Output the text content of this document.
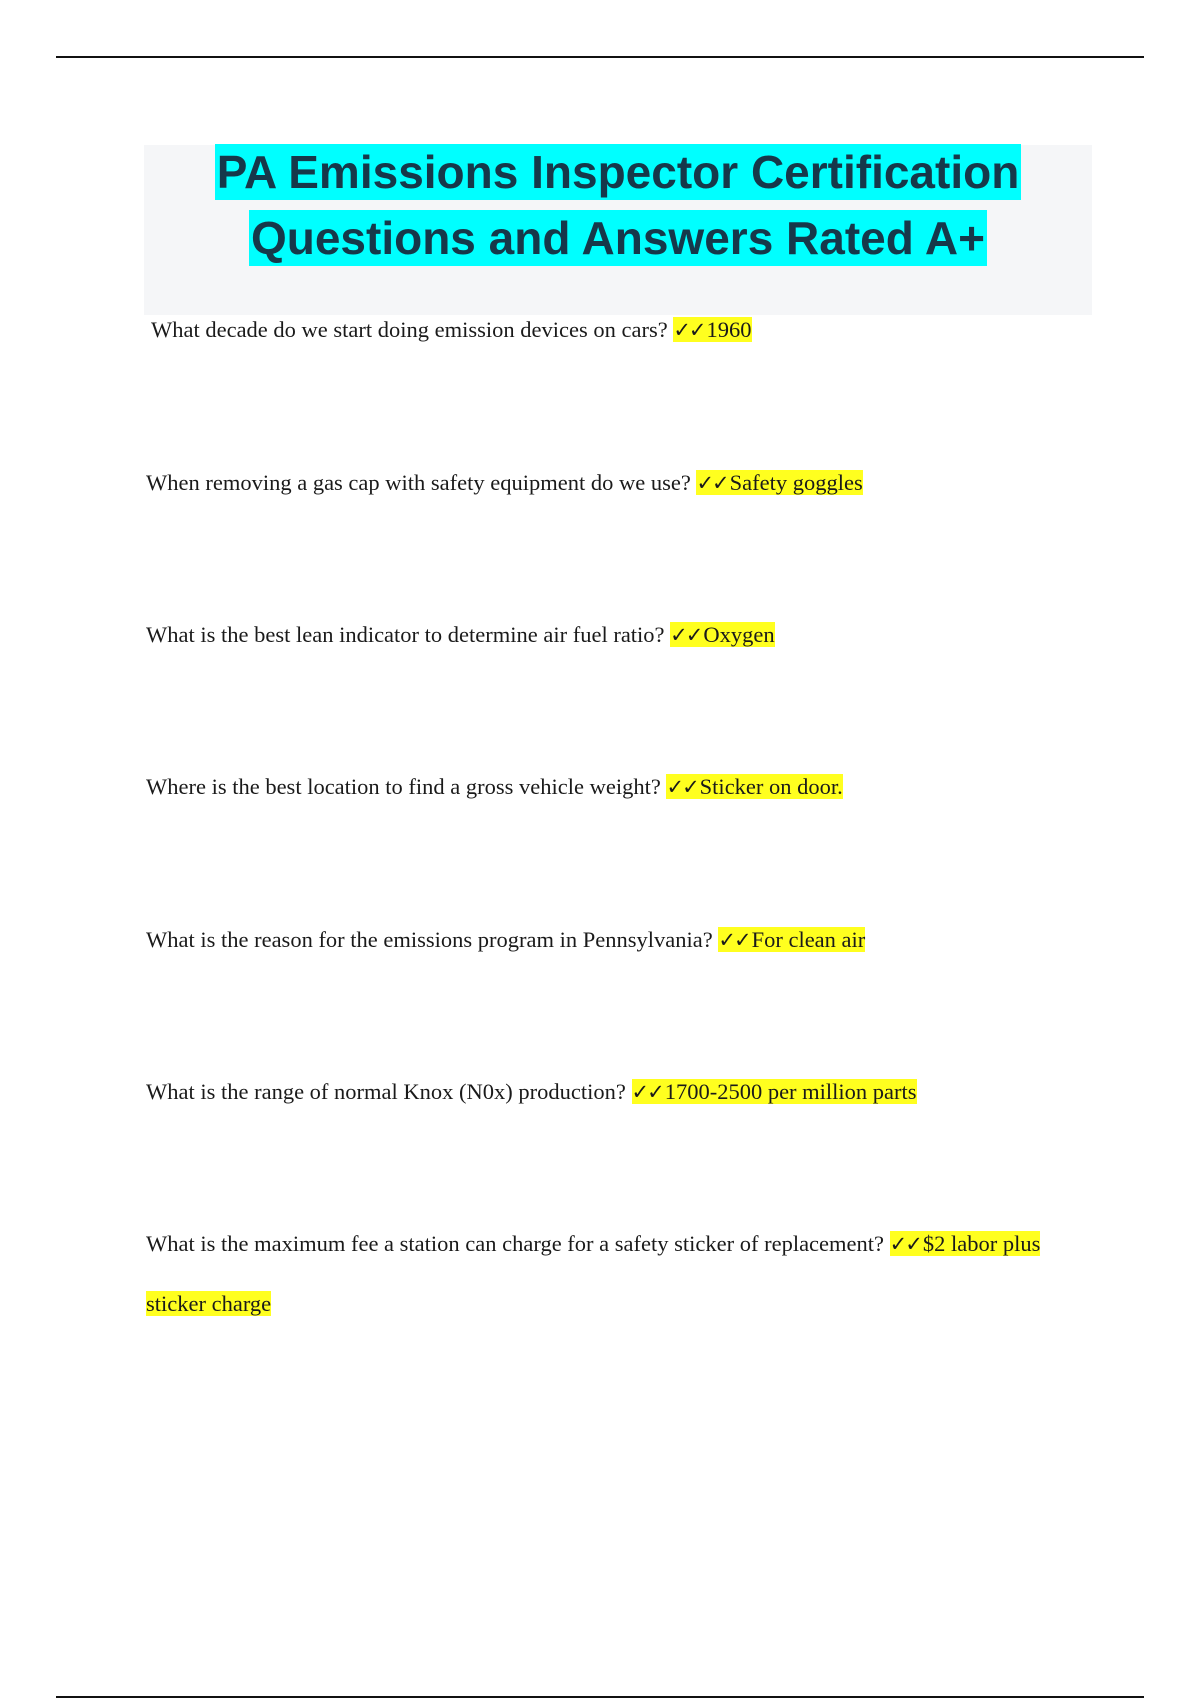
PA Emissions Inspector Certification
Questions and Answers Rated A+

What decade do we start doing emission devices on cars? ✓✓1960

When removing a gas cap with safety equipment do we use? ✓✓Safety goggles

What is the best lean indicator to determine air fuel ratio? ✓✓Oxygen

Where is the best location to find a gross vehicle weight? ✓✓Sticker on door.

What is the reason for the emissions program in Pennsylvania? ✓✓For clean air

What is the range of normal Knox (N0x) production? ✓✓1700-2500 per million parts

What is the maximum fee a station can charge for a safety sticker of replacement? ✓✓$2 labor plus sticker charge
